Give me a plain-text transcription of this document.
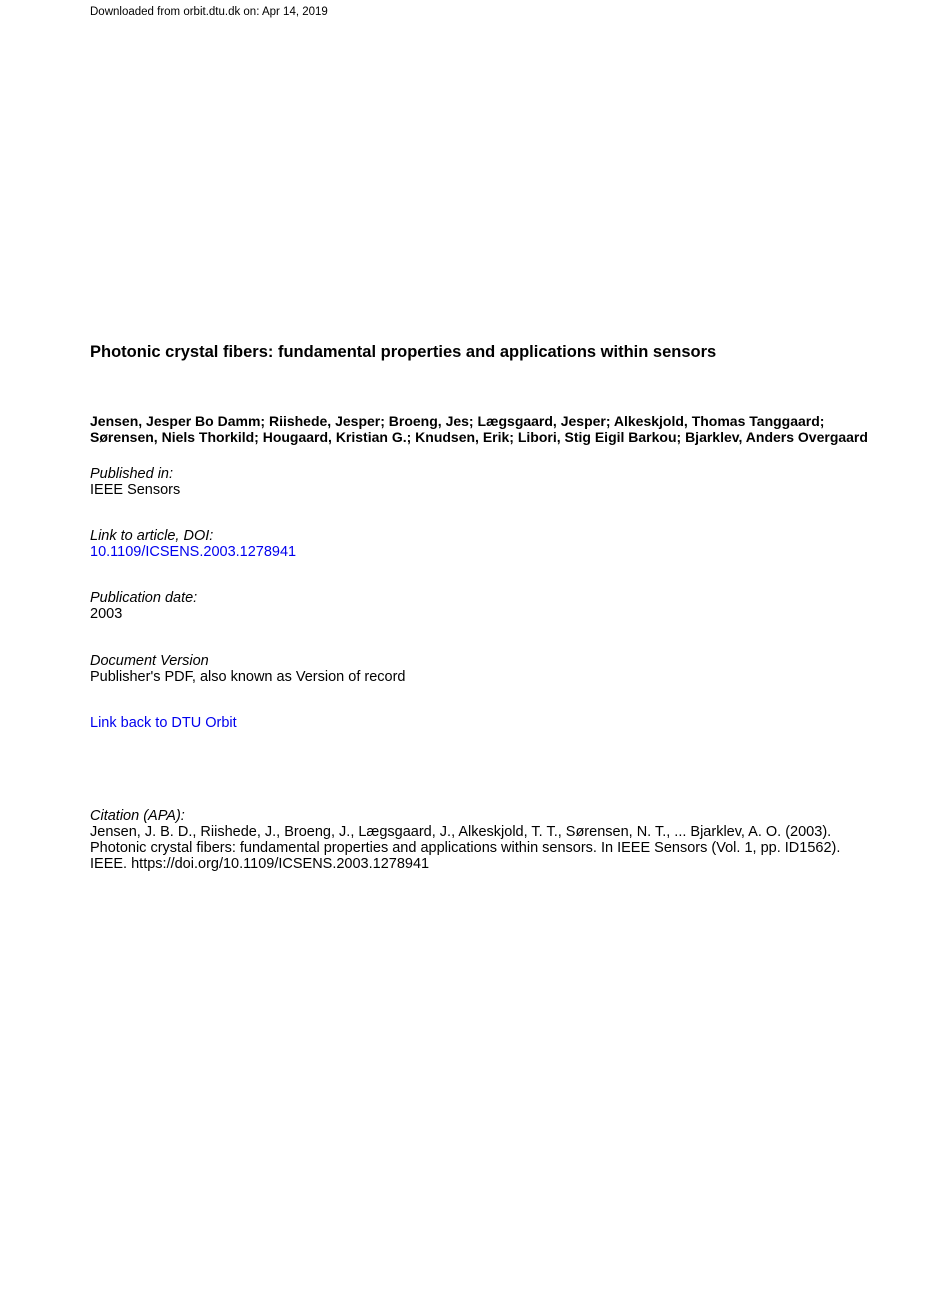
Downloaded from orbit.dtu.dk on: Apr 14, 2019
Photonic crystal fibers: fundamental properties and applications within sensors
Jensen, Jesper Bo Damm; Riishede, Jesper; Broeng, Jes; Lægsgaard, Jesper; Alkeskjold, Thomas Tanggaard; Sørensen, Niels Thorkild; Hougaard, Kristian G.; Knudsen, Erik; Libori, Stig Eigil Barkou; Bjarklev, Anders Overgaard
Published in:
IEEE Sensors
Link to article, DOI:
10.1109/ICSENS.2003.1278941
Publication date:
2003
Document Version
Publisher's PDF, also known as Version of record
Link back to DTU Orbit
Citation (APA):
Jensen, J. B. D., Riishede, J., Broeng, J., Lægsgaard, J., Alkeskjold, T. T., Sørensen, N. T., ... Bjarklev, A. O. (2003). Photonic crystal fibers: fundamental properties and applications within sensors. In IEEE Sensors (Vol. 1, pp. ID1562). IEEE. https://doi.org/10.1109/ICSENS.2003.1278941
